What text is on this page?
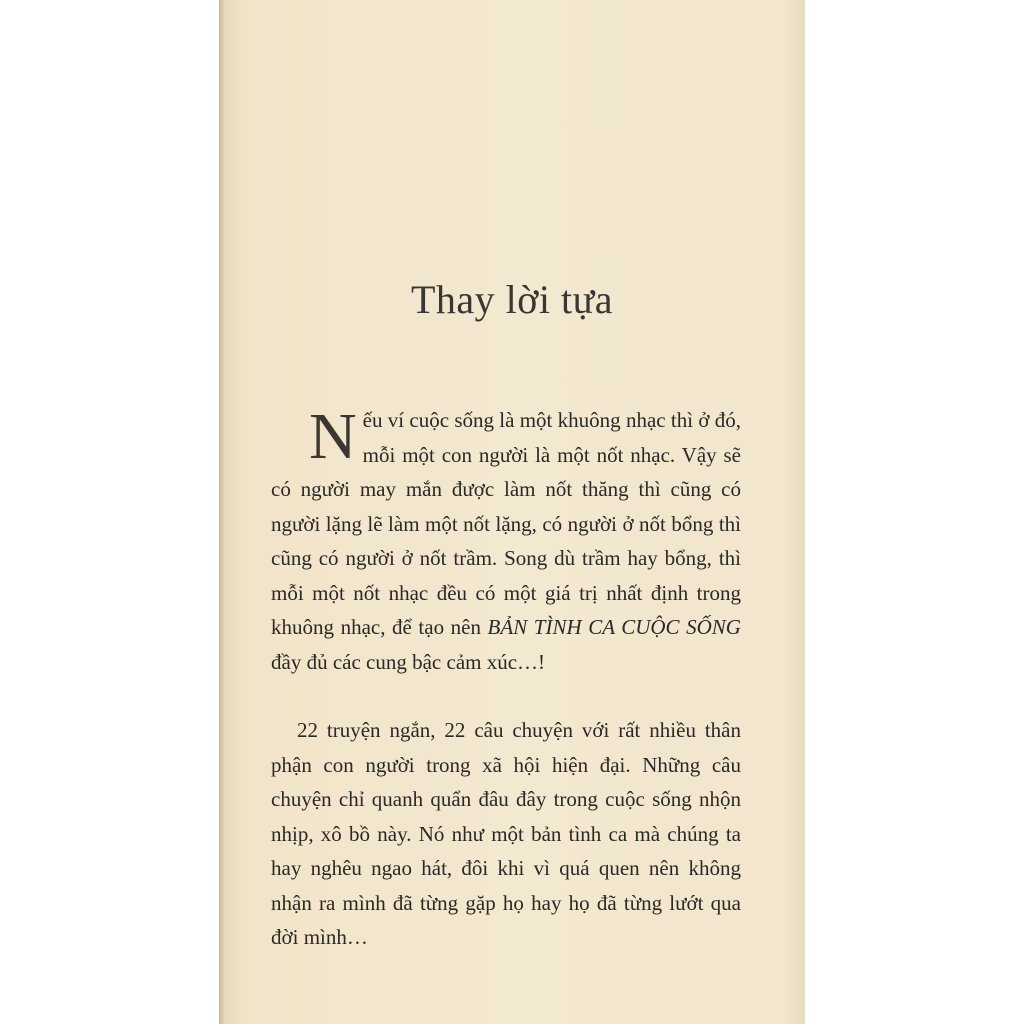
Thay lời tựa

Nếu ví cuộc sống là một khuông nhạc thì ở đó, mỗi một con người là một nốt nhạc. Vậy sẽ có người may mắn được làm nốt thăng thì cũng có người lặng lẽ làm một nốt lặng, có người ở nốt bổng thì cũng có người ở nốt trầm. Song dù trầm hay bổng, thì mỗi một nốt nhạc đều có một giá trị nhất định trong khuông nhạc, để tạo nên BẢN TÌNH CA CUỘC SỐNG đầy đủ các cung bậc cảm xúc…!

22 truyện ngắn, 22 câu chuyện với rất nhiều thân phận con người trong xã hội hiện đại. Những câu chuyện chỉ quanh quẩn đâu đây trong cuộc sống nhộn nhịp, xô bồ này. Nó như một bản tình ca mà chúng ta hay nghêu ngao hát, đôi khi vì quá quen nên không nhận ra mình đã từng gặp họ hay họ đã từng lướt qua đời mình…
